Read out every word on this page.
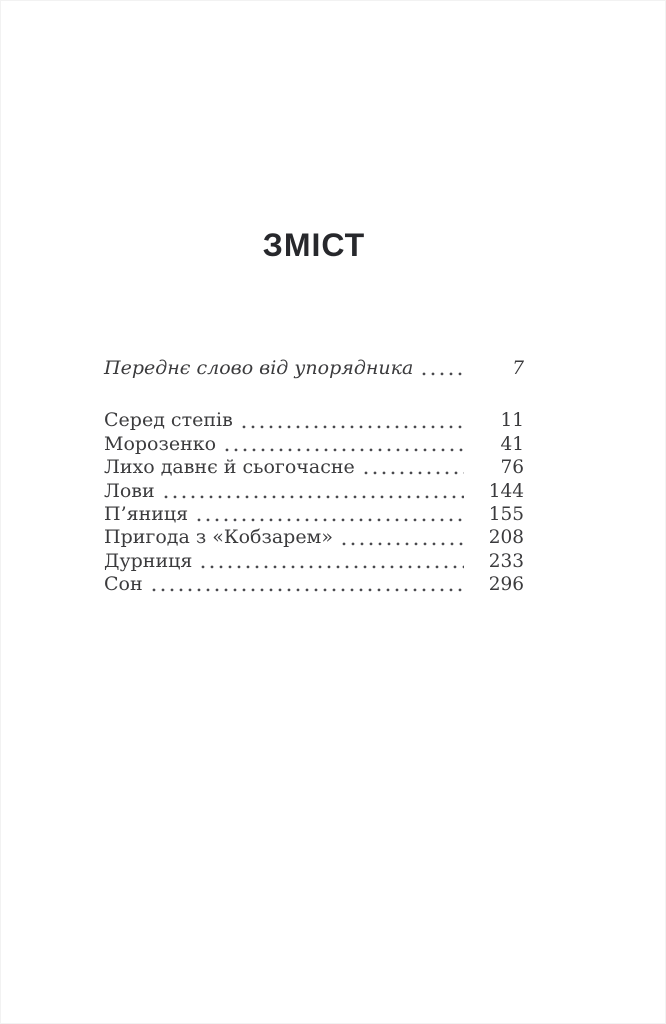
ЗМІСТ
Переднє слово від упорядника	7
Серед степів	11
Морозенко	41
Лихо давнє й сьогочасне	76
Лови	144
П’яниця	155
Пригода з «Кобзарем»	208
Дурниця	233
Сон	296
